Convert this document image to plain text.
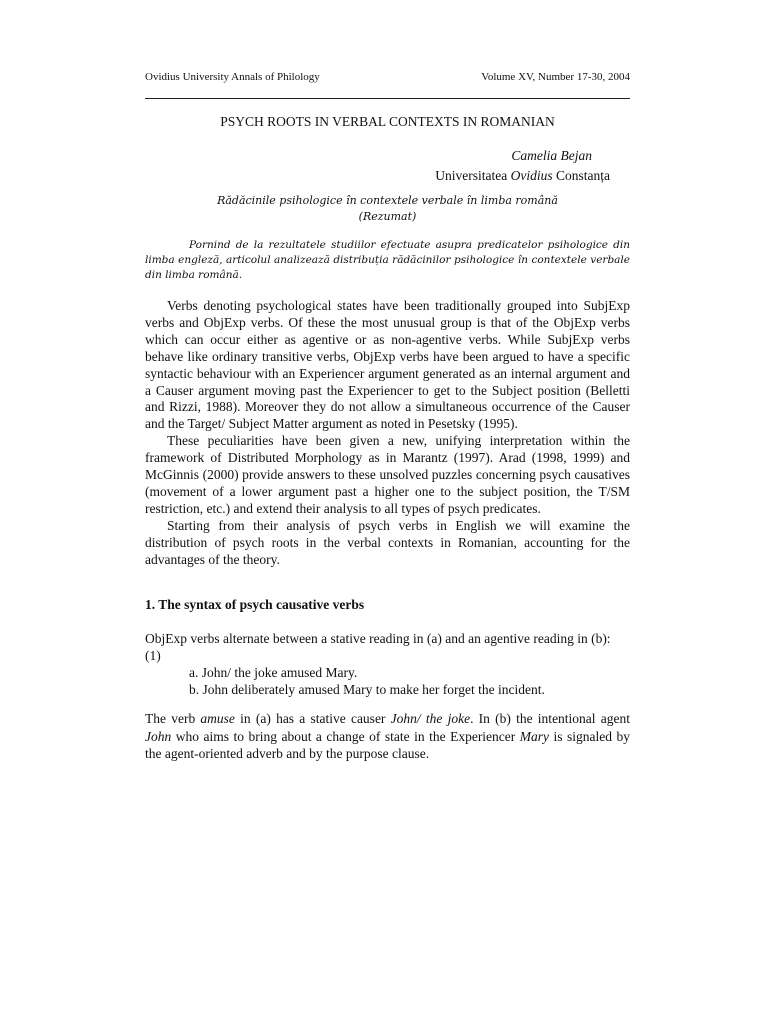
Ovidius University Annals of Philology	Volume XV, Number 17-30, 2004
PSYCH ROOTS IN VERBAL CONTEXTS IN ROMANIAN
Camelia Bejan
Universitatea Ovidius Constanța
Rădăcinile psihologice în contextele verbale în limba română
(Rezumat)
Pornind de la rezultatele studiilor efectuate asupra predicatelor psihologice din limba engleză, articolul analizează distribuția rădăcinilor psihologice în contextele verbale din limba română.

Verbs denoting psychological states have been traditionally grouped into SubjExp verbs and ObjExp verbs. Of these the most unusual group is that of the ObjExp verbs which can occur either as agentive or as non-agentive verbs. While SubjExp verbs behave like ordinary transitive verbs, ObjExp verbs have been argued to have a specific syntactic behaviour with an Experiencer argument generated as an internal argument and a Causer argument moving past the Experiencer to get to the Subject position (Belletti and Rizzi, 1988). Moreover they do not allow a simultaneous occurrence of the Causer and the Target/ Subject Matter argument as noted in Pesetsky (1995).

These peculiarities have been given a new, unifying interpretation within the framework of Distributed Morphology as in Marantz (1997). Arad (1998, 1999) and McGinnis (2000) provide answers to these unsolved puzzles concerning psych causatives (movement of a lower argument past a higher one to the subject position, the T/SM restriction, etc.) and extend their analysis to all types of psych predicates.

Starting from their analysis of psych verbs in English we will examine the distribution of psych roots in the verbal contexts in Romanian, accounting for the advantages of the theory.

1. The syntax of psych causative verbs

ObjExp verbs alternate between a stative reading in (a) and an agentive reading in (b):

(1)

a. John/ the joke amused Mary.

b. John deliberately amused Mary to make her forget the incident.

The verb amuse in (a) has a stative causer John/ the joke. In (b) the intentional agent John who aims to bring about a change of state in the Experiencer Mary is signaled by the agent-oriented adverb and by the purpose clause.
